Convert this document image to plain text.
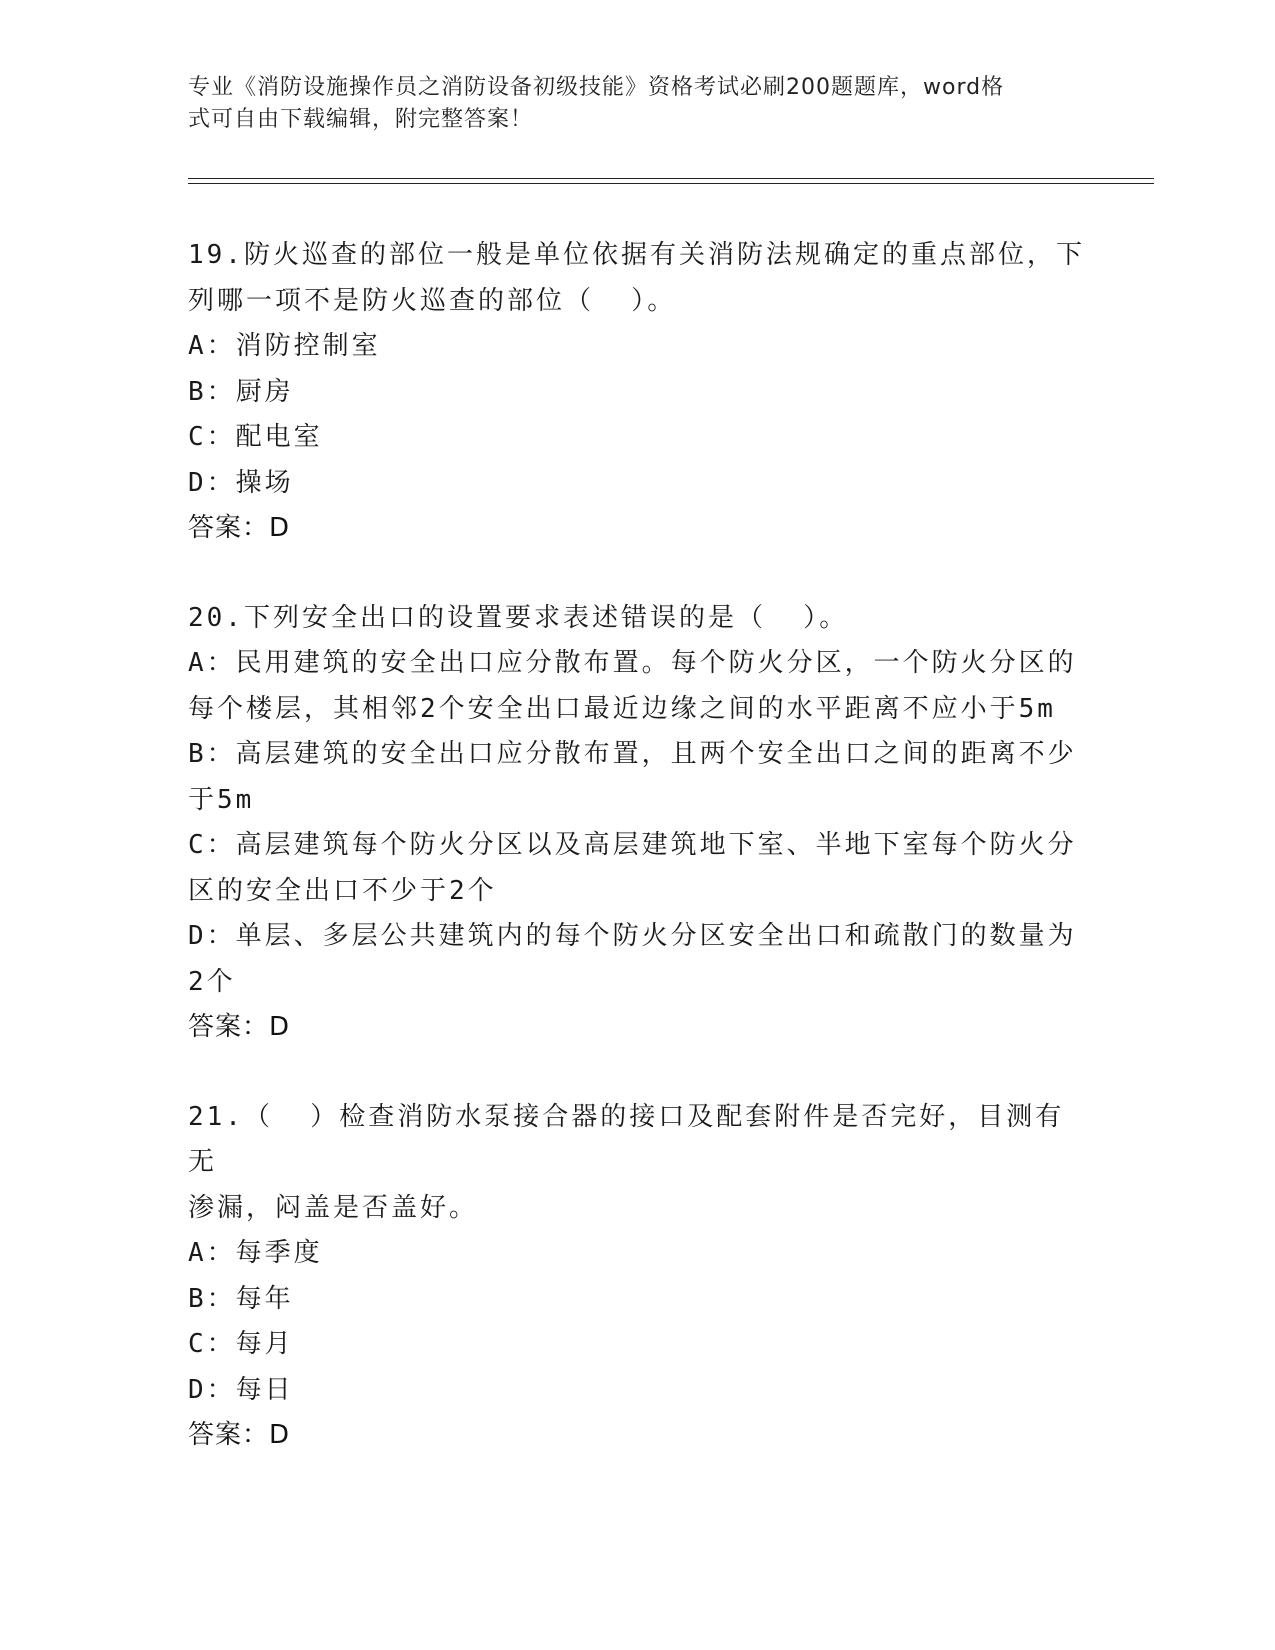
专业《消防设施操作员之消防设备初级技能》资格考试必刷200题题库，word格
式可自由下载编辑，附完整答案！
19.防火巡查的部位一般是单位依据有关消防法规确定的重点部位，下
列哪一项不是防火巡查的部位（  ）。
A：消防控制室
B：厨房
C：配电室
D：操场
答案：D
20.下列安全出口的设置要求表述错误的是（  ）。
A：民用建筑的安全出口应分散布置。每个防火分区，一个防火分区的
每个楼层，其相邻2个安全出口最近边缘之间的水平距离不应小于5m
B：高层建筑的安全出口应分散布置，且两个安全出口之间的距离不少
于5m
C：高层建筑每个防火分区以及高层建筑地下室、半地下室每个防火分
区的安全出口不少于2个
D：单层、多层公共建筑内的每个防火分区安全出口和疏散门的数量为
2个
答案：D
21.（  ）检查消防水泵接合器的接口及配套附件是否完好，目测有无
渗漏，闷盖是否盖好。
A：每季度
B：每年
C：每月
D：每日
答案：D
